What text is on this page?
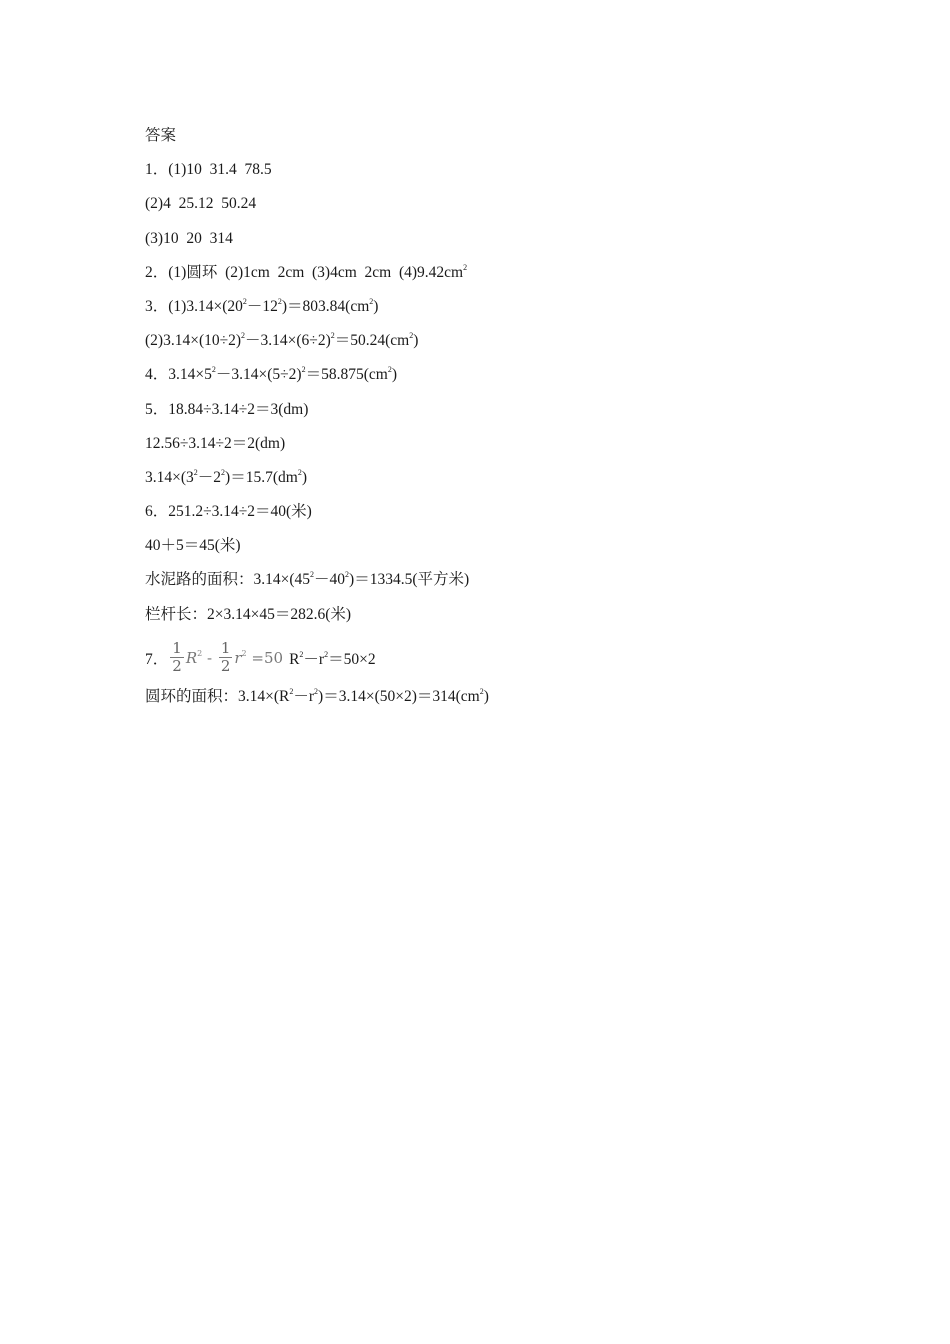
答案
1．(1)10  31.4  78.5
(2)4  25.12  50.24
(3)10  20  314
2．(1)圆环  (2)1cm  2cm  (3)4cm  2cm  $(4)9.42cm^2$
3．$(1)3.14\times(20^2-12^2)=803.84(cm^2)$
$(2)3.14\times(10\div 2)^2-3.14\times(6\div 2)^2=50.24(cm^2)$
4．$3.14\times 5^2-3.14\times(5\div 2)^2=58.875(cm^2)$
5．18.84÷3.14÷2＝3(dm)
12.56÷3.14÷2＝2(dm)
$3.14\times(3^2-2^2)=15.7(dm^2)$
6．251.2÷3.14÷2＝40(米)
40＋5＝45(米)
水泥路的面积：$3.14\times(45^2-40^2)=1334.5$(平方米)
栏杆长：2×3.14×45＝282.6(米)
7． $\frac{1}{2} R^2 - \frac{1}{2} r^2 =50$ $R^2-r^2=50\times 2$
圆环的面积：$3.14\times(R^2-r^2)=3.14\times(50\times 2)=314(cm^2)$
